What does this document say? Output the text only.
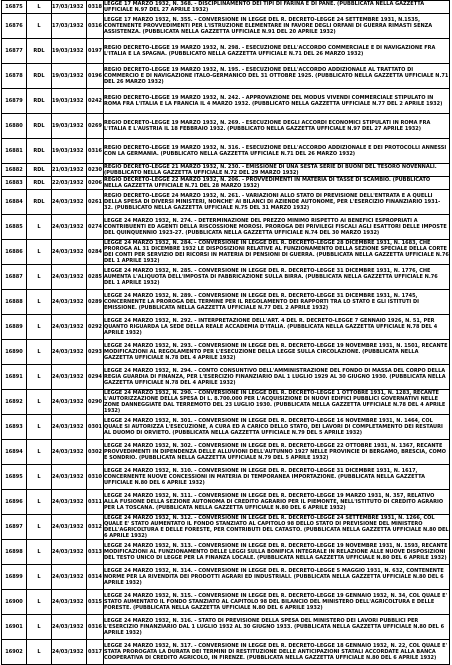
16875	L	17/03/1932	0318	LEGGE 17 MARZO 1932, N. 368. - DISCIPLINAMENTO DEI TIPI DI FARINA E DI PANE. (PUBBLICATA NELLA GAZZETTA UFFICIALE N.97 DEL 27 APRILE 1932)

16876	L	17/03/1932	0316	LEGGE 17 MARZO 1932, N. 355. - CONVERSIONE IN LEGGE DEL R. DECRETO-LEGGE 24 SETTEMBRE 1931, N.1535, CONTENENTE PROVVEDIMENTI PER L'ISTRUZIONE ELEMENTARE IN FAVORE DEGLI ORFANI DI GUERRA RIMASTI SENZA ASSISTENZA. (PUBBLICATA NELLA GAZZETTA UFFICIALE N.91 DEL 20 APRILE 1932)

16877	RDL	19/03/1932	0197	REGIO DECRETO-LEGGE 19 MARZO 1932, N. 298. - ESECUZIONE DELL'ACCORDO COMMERCIALE E DI NAVIGAZIONE FRA L'ITALIA E LA SPAGNA. (PUBBLICATO NELLA GAZZETTA UFFICIALE N.71 DEL 26 MARZO 1932)

16878	RDL	19/03/1932	0196	REGIO DECRETO-LEGGE 19 MARZO 1932, N. 195. - ESECUZIONE DELL'ACCORDO ADDIZIONALE AL TRATTATO DI COMMERCIO E DI NAVIGAZIONE ITALO-GERMANICO DEL 31 OTTOBRE 1925. (PUBBLICATO NELLA GAZZETTA UFFICIALE N.71 DEL 26 MARZO 1932)

16879	RDL	19/03/1932	0242	REGIO DECRETO-LEGGE 19 MARZO 1932, N. 242. - APPROVAZIONE DEL MODUS VIVENDI COMMERCIALE STIPULATO IN ROMA FRA L'ITALIA E LA FRANCIA IL 4 MARZO 1932. (PUBBLICATO NELLA GAZZETTA UFFICIALE N.77 DEL 2 APRILE 1932)

16880	RDL	19/03/1932	0269	REGIO DECRETO-LEGGE 19 MARZO 1932, N. 269. - ESECUZIONE DEGLI ACCORDI ECONOMICI STIPULATI IN ROMA FRA L'ITALIA E L'AUSTRIA IL 18 FEBBRAIO 1932. (PUBBLICATO NELLA GAZZETTA UFFICIALE N.97 DEL 27 APRILE 1932)

16881	RDL	19/03/1932	0316	REGIO DECRETO-LEGGE 19 MARZO 1932, N. 316. - ESECUZIONE DELL'ACCORDO ADDIZIONALE E DEI PROTOCOLLI ANNESSI CON LA GERMANIA. (PUBBLICATO NELLA GAZZETTA UFFICIALE N.71 DEL 26 MARZO 1932)

16882	RDL	21/03/1932	0230	REGIO DECRETO-LEGGE 21 MARZO 1932, N. 230. - EMISSIONE DI UNA SESTA SERIE DI BUONI DEL TESORO NOVENNALI. (PUBBLICATO NELLA GAZZETTA UFFICIALE N.72 DEL 29 MARZO 1932)

16883	RDL	22/03/1932	0206	REGIO DECRETO-LEGGE 22 MARZO 1932, N. 206. - PROVVEDIMENTI IN MATERIA DI TASSE DI SCAMBIO. (PUBBLICATO NELLA GAZZETTA UFFICIALE N.71 DEL 28 MARZO 1932)

16884	RDL	24/03/1932	0261	REGIO DECRETO-LEGGE 24 MARZO 1932, N. 261. - VARIAZIONI ALLO STATO DI PREVISIONE DELL'ENTRATA E A QUELLI DELLA SPESA DI DIVERSI MINISTERI, NONCHE' AI BILANCI DI AZIENDE AUTONOME, PER L'ESERCIZIO FINANZIARIO 1931-32. (PUBBLICATO NELLA GAZZETTA UFFICIALE N.75 DEL 31 MARZO 1932)

16885	L	24/03/1932	0274	LEGGE 24 MARZO 1932, N. 274. - DETERMINAZIONE DEL PREZZO MINIMO RISPETTO AI BENEFICI ESPROPRIATI A CONTRIBUENTI ED AGENTI DELLA RISCOSSIONE MOROSI. PROROGA DEI PRIVILEGI FISCALI AGLI ESATTORI DELLE IMPOSTE DEL QUINQUENNIO 1923-27. (PUBBLICATA NELLA GAZZETTA UFFICIALE N.74 DEL 30 MARZO 1932)

16886	L	24/03/1932	0284	LEGGE 24 MARZO 1932, N. 284. - CONVERSIONE IN LEGGE DEL R. DECRETO-LEGGE 28 DICEMBRE 1931, N. 1683, CHE PROROGA AL 31 DICEMBRE 1932 LE DISPOSIZIONI RELATIVE AL FUNZIONAMENTO DELLA SEZIONE SPECIALE DELLA CORTE DEI CONTI PER SERVIZIO DEI RICORSI IN MATERIA DI PENSIONI DI GUERRA. (PUBBLICATA NELLA GAZZETTA UFFICIALE N.76 DEL 1 APRILE 1932)

16887	L	24/03/1932	0285	LEGGE 24 MARZO 1932, N. 285. - CONVERSIONE IN LEGGE DEL R. DECRETO-LEGGE 31 DICEMBRE 1931, N. 1776, CHE AUMENTA L'ALIQUOTA DELL'IMPOSTA DI FABBRICAZIONE SULLA BIRRA. (PUBBLICATA NELLA GAZZETTA UFFICIALE N.76 DEL 1 APRILE 1932)

16888	L	24/03/1932	0289	LEGGE 24 MARZO 1932, N. 289. - CONVERSIONE IN LEGGE DEL R. DECRETO-LEGGE 31 DICEMBRE 1931, N. 1745, CONCERNENTE LA PROROGA DEL TERMINE PER IL REGOLAMENTO DEI RAPPORTI TRA LO STATO E GLI ISTITUTI DI EMISSIONE. (PUBBLICATA NELLA GAZZETTA UFFICIALE N.77 DEL 2 APRILE 1932)

16889	L	24/03/1932	0292	LEGGE 24 MARZO 1932, N. 292. - INTERPRETAZIONE DELL'ART. 4 DEL R. DECRETO-LEGGE 7 GENNAIO 1926, N. 51, PER QUANTO RIGUARDA LA SEDE DELLA REALE ACCADEMIA D'ITALIA. (PUBBLICATA NELLA GAZZETTA UFFICIALE N.78 DEL 4 APRILE 1932)

16890	L	24/03/1932	0293	LEGGE 24 MARZO 1932, N. 293. - CONVERSIONE IN LEGGE DEL R. DECRETO-LEGGE 19 NOVEMBRE 1931, N. 1501, RECANTE MODIFICAZIONI AL REGOLAMENTO PER L'ESECUZIONE DELLA LEGGE SULLA CIRCOLAZIONE. (PUBBLICATA NELLA GAZZETTA UFFICIALE N.78 DEL 4 APRILE 1932)

16891	L	24/03/1932	0294	LEGGE 24 MARZO 1932, N. 294. - CONTO CONSUNTIVO DELL'AMMINISTRAZIONE DEL FONDO DI MASSA DEL CORPO DELLA REGIA GUARDIA DI FINANZA, PER L'ESERCIZIO FINANZIARIO DAL 1 LUGLIO 1929 AL 30 GIUGNO 1930. (PUBBLICATA NELLA GAZZETTA UFFICIALE N.78 DEL 4 APRILE 1932)

16892	L	24/03/1932	0290	LEGGE 24 MARZO 1932, N. 290. - CONVERSIONE IN LEGGE DEL R. DECRETO-LEGGE 1 OTTOBRE 1931, N. 1283, RECANTE L'AUTORIZZAZIONE DELLA SPESA DI L. 8.700.000 PER L'ACQUISIZIONE DI NUOVI EDIFICI PUBBLICI GOVERNATIVI NELLE ZONE DANNEGGIATE DAL TERREMOTO DEL 23 LUGLIO 1930. (PUBBLICATA NELLA GAZZETTA UFFICIALE N.78 DEL 4 APRILE 1932)

16893	L	24/03/1932	0301	LEGGE 24 MARZO 1932, N. 301. - CONVERSIONE IN LEGGE DEL R. DECRETO-LEGGE 16 NOVEMBRE 1931, N. 1464, COL QUALE SI AUTORIZZA L'ESECUZIONE, A CURA ED A CARICO DELLO STATO, DEI LAVORI DI COMPLETAMENTO DEI RESTAURI AL DUOMO DI ORVIETO. (PUBBLICATA NELLA GAZZETTA UFFICIALE N.79 DEL 5 APRILE 1932)

16894	L	24/03/1932	0302	LEGGE 24 MARZO 1932, N. 302. - CONVERSIONE IN LEGGE DEL R. DECRETO-LEGGE 22 OTTOBRE 1931, N. 1367, RECANTE PROVVEDIMENTI IN DIPENDENZA DELLE ALLUVIONI DELL'AUTUNNO 1927 NELLE PROVINCIE DI BERGAMO, BRESCIA, COMO E SONDRIO. (PUBBLICATA NELLA GAZZETTA UFFICIALE N.79 DEL 5 APRILE 1932)

16895	L	24/03/1932	0310	LEGGE 24 MARZO 1932, N. 310. - CONVERSIONE IN LEGGE DEL R. DECRETO-LEGGE 31 DICEMBRE 1931, N. 1617, CONCERNENTE NUOVE CONCESSIONI IN MATERIA DI TEMPORANEA IMPORTAZIONE. (PUBBLICATA NELLA GAZZETTA UFFICIALE N.80 DEL 6 APRILE 1932)

16896	L	24/03/1932	0311	LEGGE 24 MARZO 1932, N. 311. - CONVERSIONE IN LEGGE DEL R. DECRETO-LEGGE 19 MARZO 1931, N. 357, RELATIVO ALLA FUSIONE DELLA SEZIONE AUTONOMA DI CREDITO AGRARIO PER IL PIEMONTE, NELL'ISTITUTO DI CREDITO AGRARIO PER LA TOSCANA. (PUBBLICATA NELLA GAZZETTA UFFICIALE N.80 DEL 6 APRILE 1932)

16897	L	24/03/1932	0312	LEGGE 24 MARZO 1932, N. 312. - CONVERSIONE IN LEGGE DEL R. DECRETO-LEGGE 24 SETTEMBRE 1931, N. 1266, COL QUALE E' STATO AUMENTATO IL FONDO STANZIATO AL CAPITOLO 98 DELLO STATO DI PREVISIONE DEL MINISTERO DELL'AGRICOLTURA E DELLE FORESTE, PER CONTRIBUTI DEL CATASTO. (PUBBLICATA NELLA GAZZETTA UFFICIALE N.80 DEL 6 APRILE 1932)

16898	L	24/03/1932	0313	LEGGE 24 MARZO 1932, N. 313. - CONVERSIONE IN LEGGE DEL R. DECRETO-LEGGE 19 NOVEMBRE 1931, N. 1593, RECANTE MODIFICAZIONI AL FUNZIONAMENTO DELLE LEGGI SULLA BONIFICA INTEGRALE IN RELAZIONE ALLE NUOVE DISPOSIZIONI DEL TESTO UNICO DI LEGGE PER LA FINANZA LOCALE. (PUBBLICATA NELLA GAZZETTA UFFICIALE N.80 DEL 6 APRILE 1932)

16899	L	24/03/1932	0314	LEGGE 24 MARZO 1932, N. 314. - CONVERSIONE IN LEGGE DEL R. DECRETO-LEGGE 5 MAGGIO 1931, N. 632, CONTENENTE NORME PER LA RIVENDITA DEI PRODOTTI AGRARI ED INDUSTRIALI. (PUBBLICATA NELLA GAZZETTA UFFICIALE N.80 DEL 6 APRILE 1932)

16900	L	24/03/1932	0315	LEGGE 24 MARZO 1932, N. 315. - CONVERSIONE IN LEGGE DEL R. DECRETO-LEGGE 19 GENNAIO 1932, N. 34, COL QUALE E' STATO AUMENTATO IL FONDO STANZIATO AL CAPITOLO 98 DEL BILANCIO DEL MINISTERO DELL'AGRICOLTURA E DELLE FORESTE. (PUBBLICATA NELLA GAZZETTA UFFICIALE N.80 DEL 6 APRILE 1932)

16901	L	24/03/1932	0316	LEGGE 24 MARZO 1932, N. 316. - STATO DI PREVISIONE DELLA SPESA DEL MINISTERO DEI LAVORI PUBBLICI PER L'ESERCIZIO FINANZIARIO DAL 1 LUGLIO 1932 AL 30 GIUGNO 1933. (PUBBLICATA NELLA GAZZETTA UFFICIALE N.80 DEL 6 APRILE 1932)

16902	L	24/03/1932	0317	LEGGE 24 MARZO 1932, N. 317. - CONVERSIONE IN LEGGE DEL R. DECRETO-LEGGE 18 GENNAIO 1932, N. 22, COL QUALE E' STATA PROROGATA LA DURATA DEI TERMINI DI RESTITUZIONE DELLE ANTICIPAZIONI STATALI ACCORDATE ALLA BANCA COOPERATIVA DI CREDITO AGRICOLO, IN FIRENZE. (PUBBLICATA NELLA GAZZETTA UFFICIALE N.80 DEL 6 APRILE 1932)
